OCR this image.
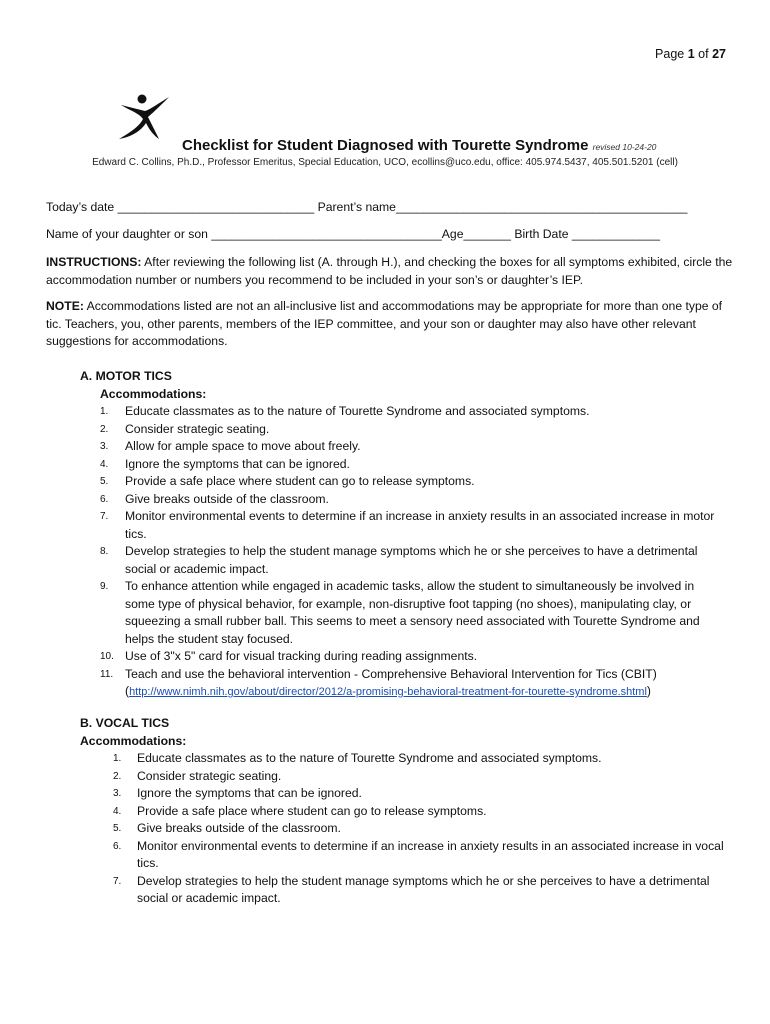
Page 1 of 27
Checklist for Student Diagnosed with Tourette Syndrome revised 10-24-20
Edward C. Collins, Ph.D., Professor Emeritus, Special Education, UCO, ecollins@uco.edu, office: 405.974.5437, 405.501.5201 (cell)
Today’s date _____________________________ Parent’s name___________________________________________
Name of your daughter or son __________________________________Age_______ Birth Date _____________
INSTRUCTIONS: After reviewing the following list (A. through H.), and checking the boxes for all symptoms exhibited, circle the accommodation number or numbers you recommend to be included in your son’s or daughter’s IEP.
NOTE: Accommodations listed are not an all-inclusive list and accommodations may be appropriate for more than one type of tic. Teachers, you, other parents, members of the IEP committee, and your son or daughter may also have other relevant suggestions for accommodations.
A. MOTOR TICS
Accommodations:
1.	Educate classmates as to the nature of Tourette Syndrome and associated symptoms.
2.	Consider strategic seating.
3.	Allow for ample space to move about freely.
4.	Ignore the symptoms that can be ignored.
5.	Provide a safe place where student can go to release symptoms.
6.	Give breaks outside of the classroom.
7.	Monitor environmental events to determine if an increase in anxiety results in an associated increase in motor tics.
8.	Develop strategies to help the student manage symptoms which he or she perceives to have a detrimental social or academic impact.
9.	To enhance attention while engaged in academic tasks, allow the student to simultaneously be involved in some type of physical behavior, for example, non-disruptive foot tapping (no shoes), manipulating clay, or squeezing a small rubber ball. This seems to meet a sensory need associated with Tourette Syndrome and helps the student stay focused.
10. Use of 3"x 5" card for visual tracking during reading assignments.
11. Teach and use the behavioral intervention - Comprehensive Behavioral Intervention for Tics (CBIT)
(http://www.nimh.nih.gov/about/director/2012/a-promising-behavioral-treatment-for-tourette-syndrome.shtml)
B. VOCAL TICS
Accommodations:
1.	Educate classmates as to the nature of Tourette Syndrome and associated symptoms.
2.	Consider strategic seating.
3.	Ignore the symptoms that can be ignored.
4.	Provide a safe place where student can go to release symptoms.
5.	Give breaks outside of the classroom.
6.	Monitor environmental events to determine if an increase in anxiety results in an associated increase in vocal tics.
7.	Develop strategies to help the student manage symptoms which he or she perceives to have a detrimental social or academic impact.
